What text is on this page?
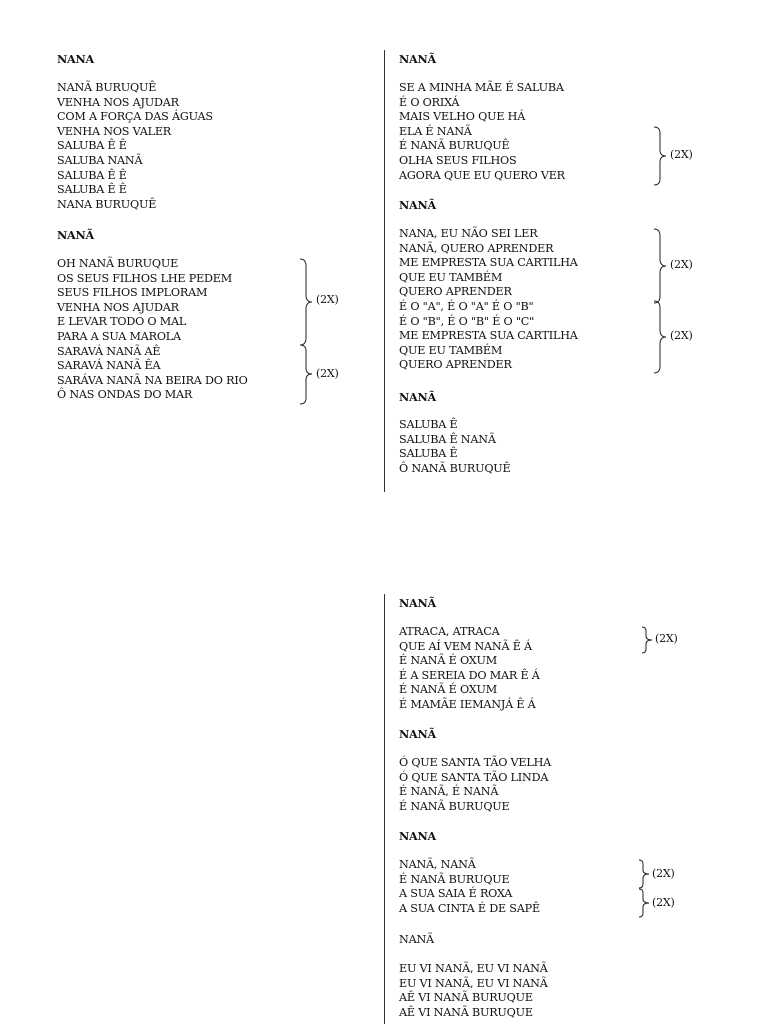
NANA
NANÃ BURUQUÊ
VENHA NOS AJUDAR
COM A FORÇA DAS ÁGUAS
VENHA NOS VALER
SALUBA Ê Ê
SALUBA NANÃ
SALUBA Ê Ê
SALUBA Ê Ê
NANA BURUQUÊ
NANÃ
OH NANÃ BURUQUE
OS SEUS FILHOS LHE PEDEM
SEUS FILHOS IMPLORAM
VENHA NOS AJUDAR
E LEVAR TODO O MAL
PARA A SUA MAROLA
SARAVÁ NANÃ AÊ
SARAVÁ NANÃ ÊA
SARÁVA NANÃ NA BEIRA DO RIO
Ô NAS ONDAS DO MAR
(2X)
(2X)
NANÃ
SE A MINHA MÃE É SALUBA
É O ORIXÁ
MAIS VELHO QUE HÁ
ELA É NANÃ
É NANÃ BURUQUÊ
OLHA SEUS FILHOS
AGORA QUE EU QUERO VER
(2X)
NANÃ
NANA, EU NÃO SEI LER
NANÃ, QUERO APRENDER
ME EMPRESTA SUA CARTILHA
QUE EU TAMBÉM
QUERO APRENDER
É O "A", É O "A" É O "B"
É O "B", É O "B" É O "C"
ME EMPRESTA SUA CARTILHA
QUE EU TAMBÉM
QUERO APRENDER
(2X)
(2X)
NANÃ
SALUBA Ê
SALUBA Ê NANÃ
SALUBA Ê
Ô NANÃ BURUQUÊ
NANÃ
ATRACA, ATRACA
QUE AÍ VEM NANÃ Ê Á
É NANÃ É OXUM
É A SEREIA DO MAR Ê Á
É NANÃ É OXUM
É MAMÃE IEMANJÁ Ê Á
(2X)
NANÃ
Ó QUE SANTA TÃO VELHA
Ó QUE SANTA TÃO LINDA
É NANÃ, É NANÃ
É NANÃ BURUQUE
NANA
NANÃ, NANÃ
É NANÃ BURUQUE
A SUA SAIA É ROXA
A SUA CINTA É DE SAPÊ
(2X)
(2X)
NANÃ
EU VI NANÃ, EU VI NANÃ
EU VI NANÃ, EU VI NANÃ
AÊ VI NANÃ BURUQUE
AÊ VI NANÃ BURUQUE
